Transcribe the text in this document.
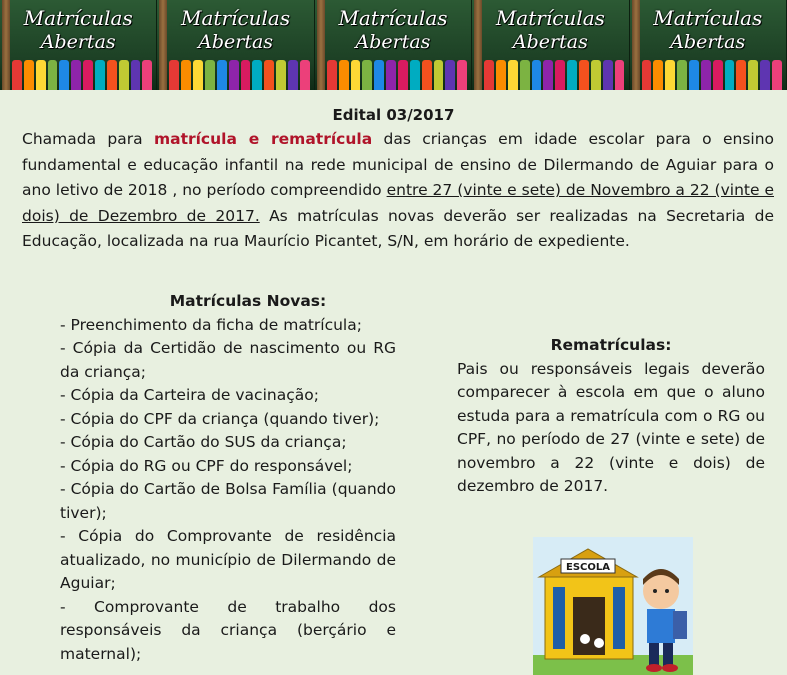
Matrículas
Abertas
Matrículas
Abertas
Matrículas
Abertas
Matrículas
Abertas
Matrículas
Abertas
Edital 03/2017
Chamada para matrícula e rematrícula das crianças em idade escolar para o ensino fundamental e educação infantil na rede municipal de ensino de Dilermando de Aguiar para o ano letivo de 2018 , no período compreendido entre 27 (vinte e sete) de Novembro a 22 (vinte e dois) de Dezembro de 2017. As matrículas novas deverão ser realizadas na Secretaria de Educação, localizada na rua Maurício Picantet, S/N, em horário de expediente.
Matrículas Novas:
- Preenchimento da ficha de matrícula;
- Cópia da Certidão de nascimento ou RG da criança;
- Cópia da Carteira de vacinação;
- Cópia do CPF da criança (quando tiver);
- Cópia do Cartão do SUS da criança;
- Cópia do RG ou CPF do responsável;
- Cópia do Cartão de Bolsa Família (quando tiver);
- Cópia do Comprovante de residência atualizado, no município de Dilermando de Aguiar;
- Comprovante de trabalho dos responsáveis da criança (berçário e maternal);
Rematrículas:
Pais ou responsáveis legais deverão comparecer à escola em que o aluno estuda para a rematrícula com o RG ou CPF, no período de 27 (vinte e sete) de novembro a 22 (vinte e dois) de dezembro de 2017.
ESCOLA
